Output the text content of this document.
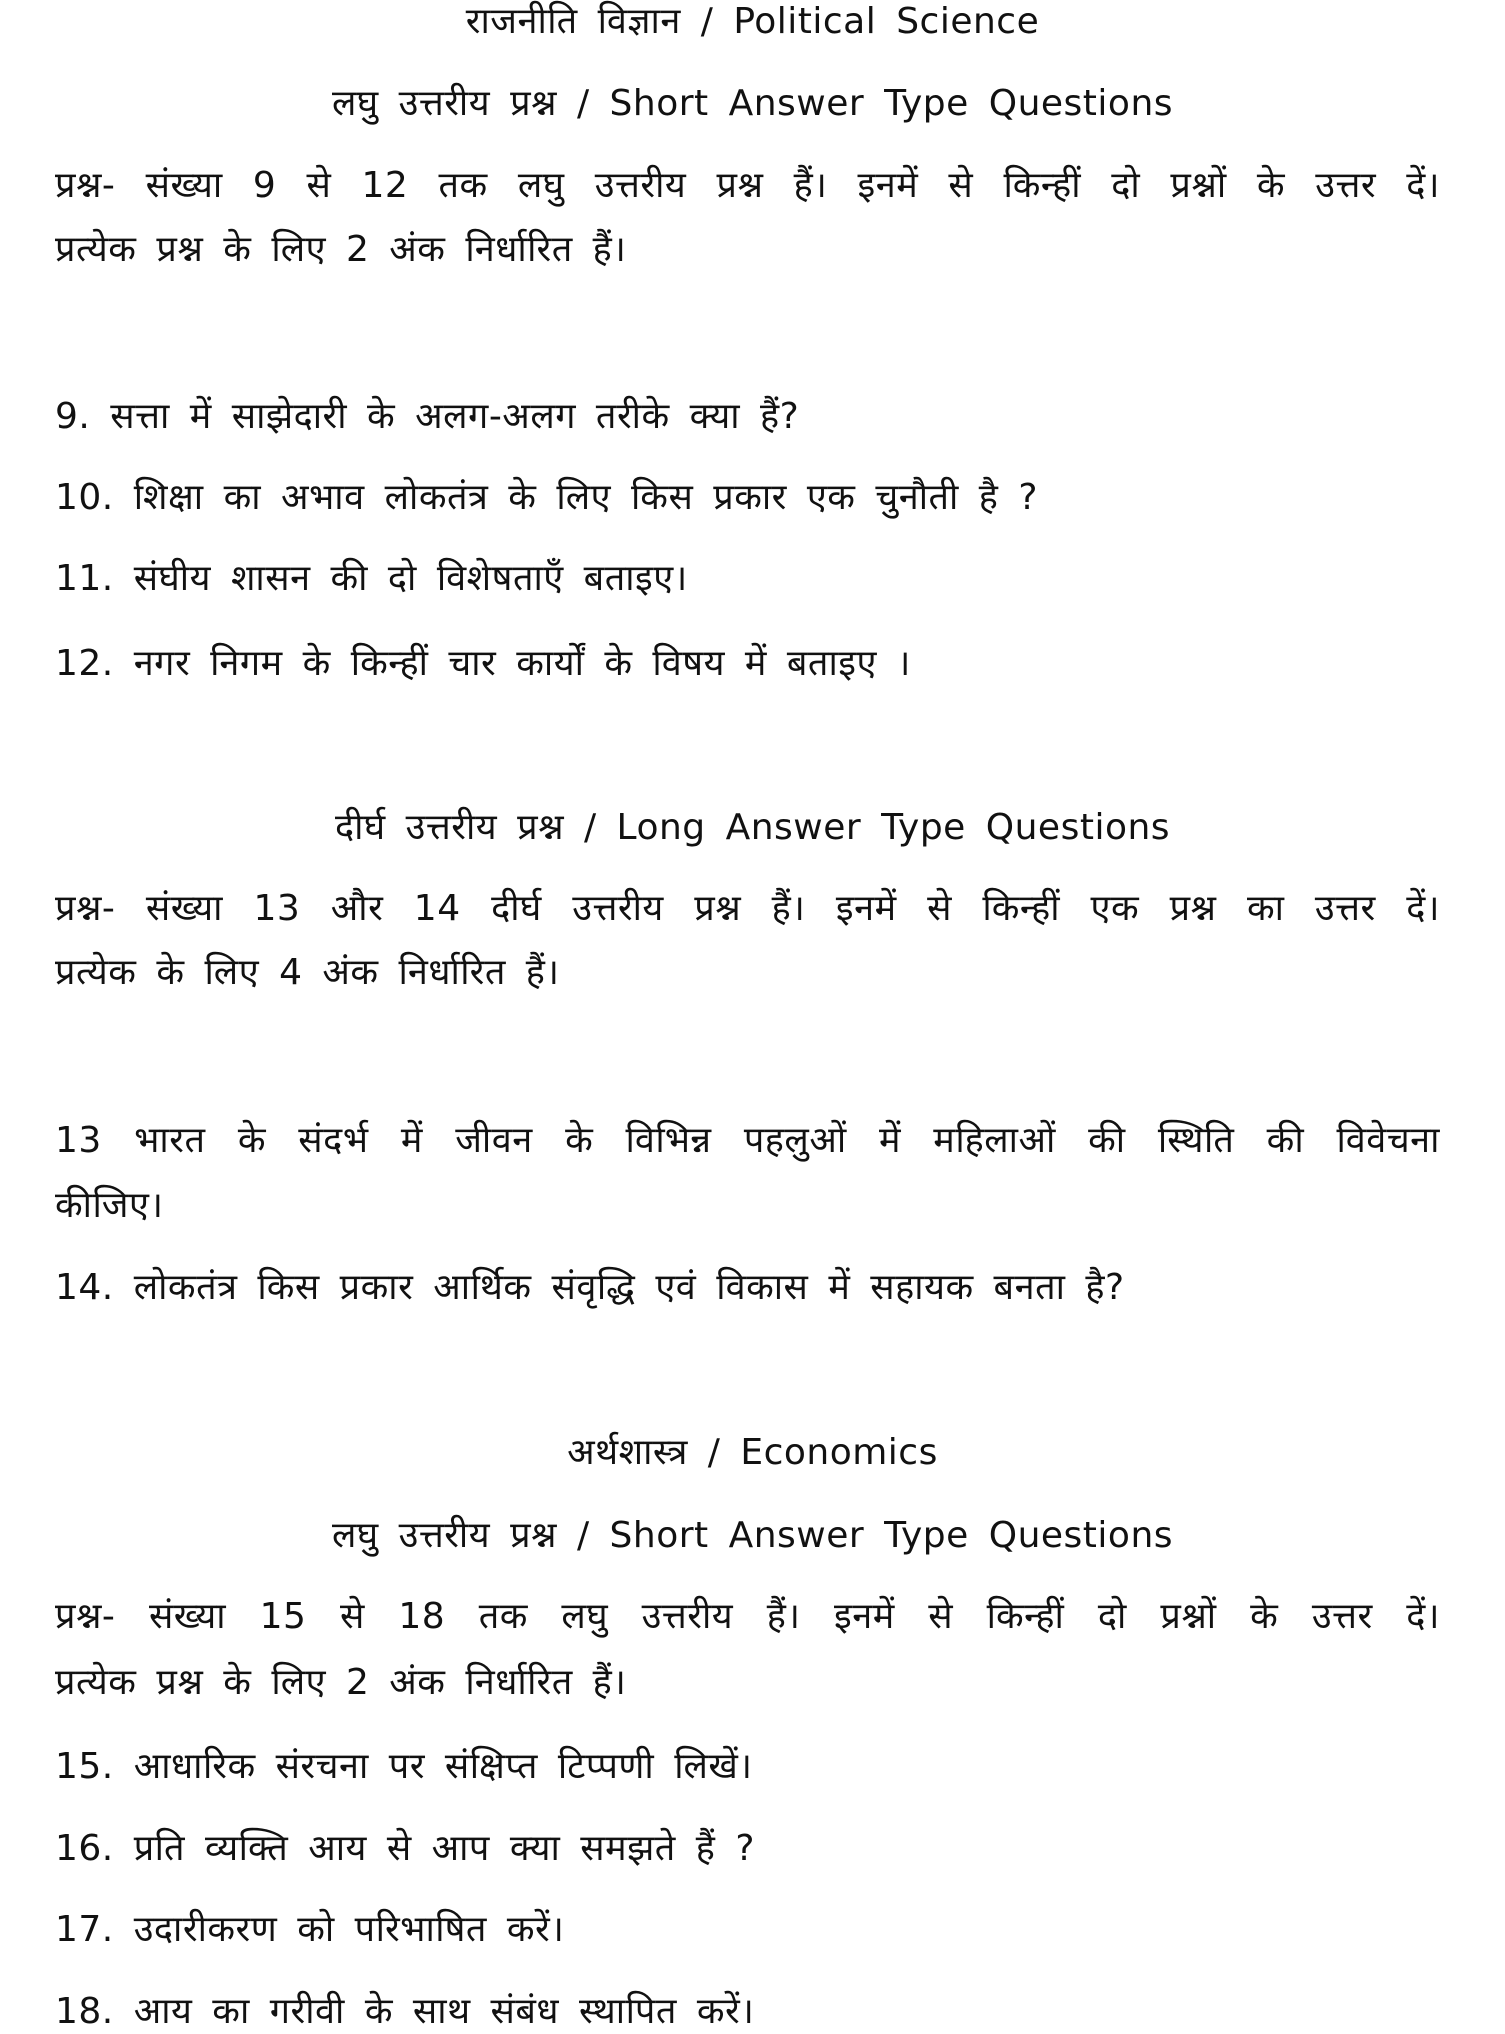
राजनीति विज्ञान / Political Science
लघु उत्तरीय प्रश्न / Short Answer Type Questions
प्रश्न- संख्या 9 से 12 तक लघु उत्तरीय प्रश्न हैं। इनमें से किन्हीं दो प्रश्नों के उत्तर दें।
प्रत्येक प्रश्न के लिए 2 अंक निर्धारित हैं।
9. सत्ता में साझेदारी के अलग-अलग तरीके क्या हैं?
10. शिक्षा का अभाव लोकतंत्र के लिए किस प्रकार एक चुनौती है ?
11. संघीय शासन की दो विशेषताएँ बताइए।
12. नगर निगम के किन्हीं चार कार्यों के विषय में बताइए ।
दीर्घ उत्तरीय प्रश्न / Long Answer Type Questions
प्रश्न- संख्या 13 और 14 दीर्घ उत्तरीय प्रश्न हैं। इनमें से किन्हीं एक प्रश्न का उत्तर दें।
प्रत्येक के लिए 4 अंक निर्धारित हैं।
13 भारत के संदर्भ में जीवन के विभिन्न पहलुओं में महिलाओं की स्थिति की विवेचना
कीजिए।
14. लोकतंत्र किस प्रकार आर्थिक संवृद्धि एवं विकास में सहायक बनता है?
अर्थशास्त्र / Economics
लघु उत्तरीय प्रश्न / Short Answer Type Questions
प्रश्न- संख्या 15 से 18 तक लघु उत्तरीय हैं। इनमें से किन्हीं दो प्रश्नों के उत्तर दें।
प्रत्येक प्रश्न के लिए 2 अंक निर्धारित हैं।
15. आधारिक संरचना पर संक्षिप्त टिप्पणी लिखें।
16. प्रति व्यक्ति आय से आप क्या समझते हैं ?
17. उदारीकरण को परिभाषित करें।
18. आय का गरीवी के साथ संबंध स्थापित करें।
